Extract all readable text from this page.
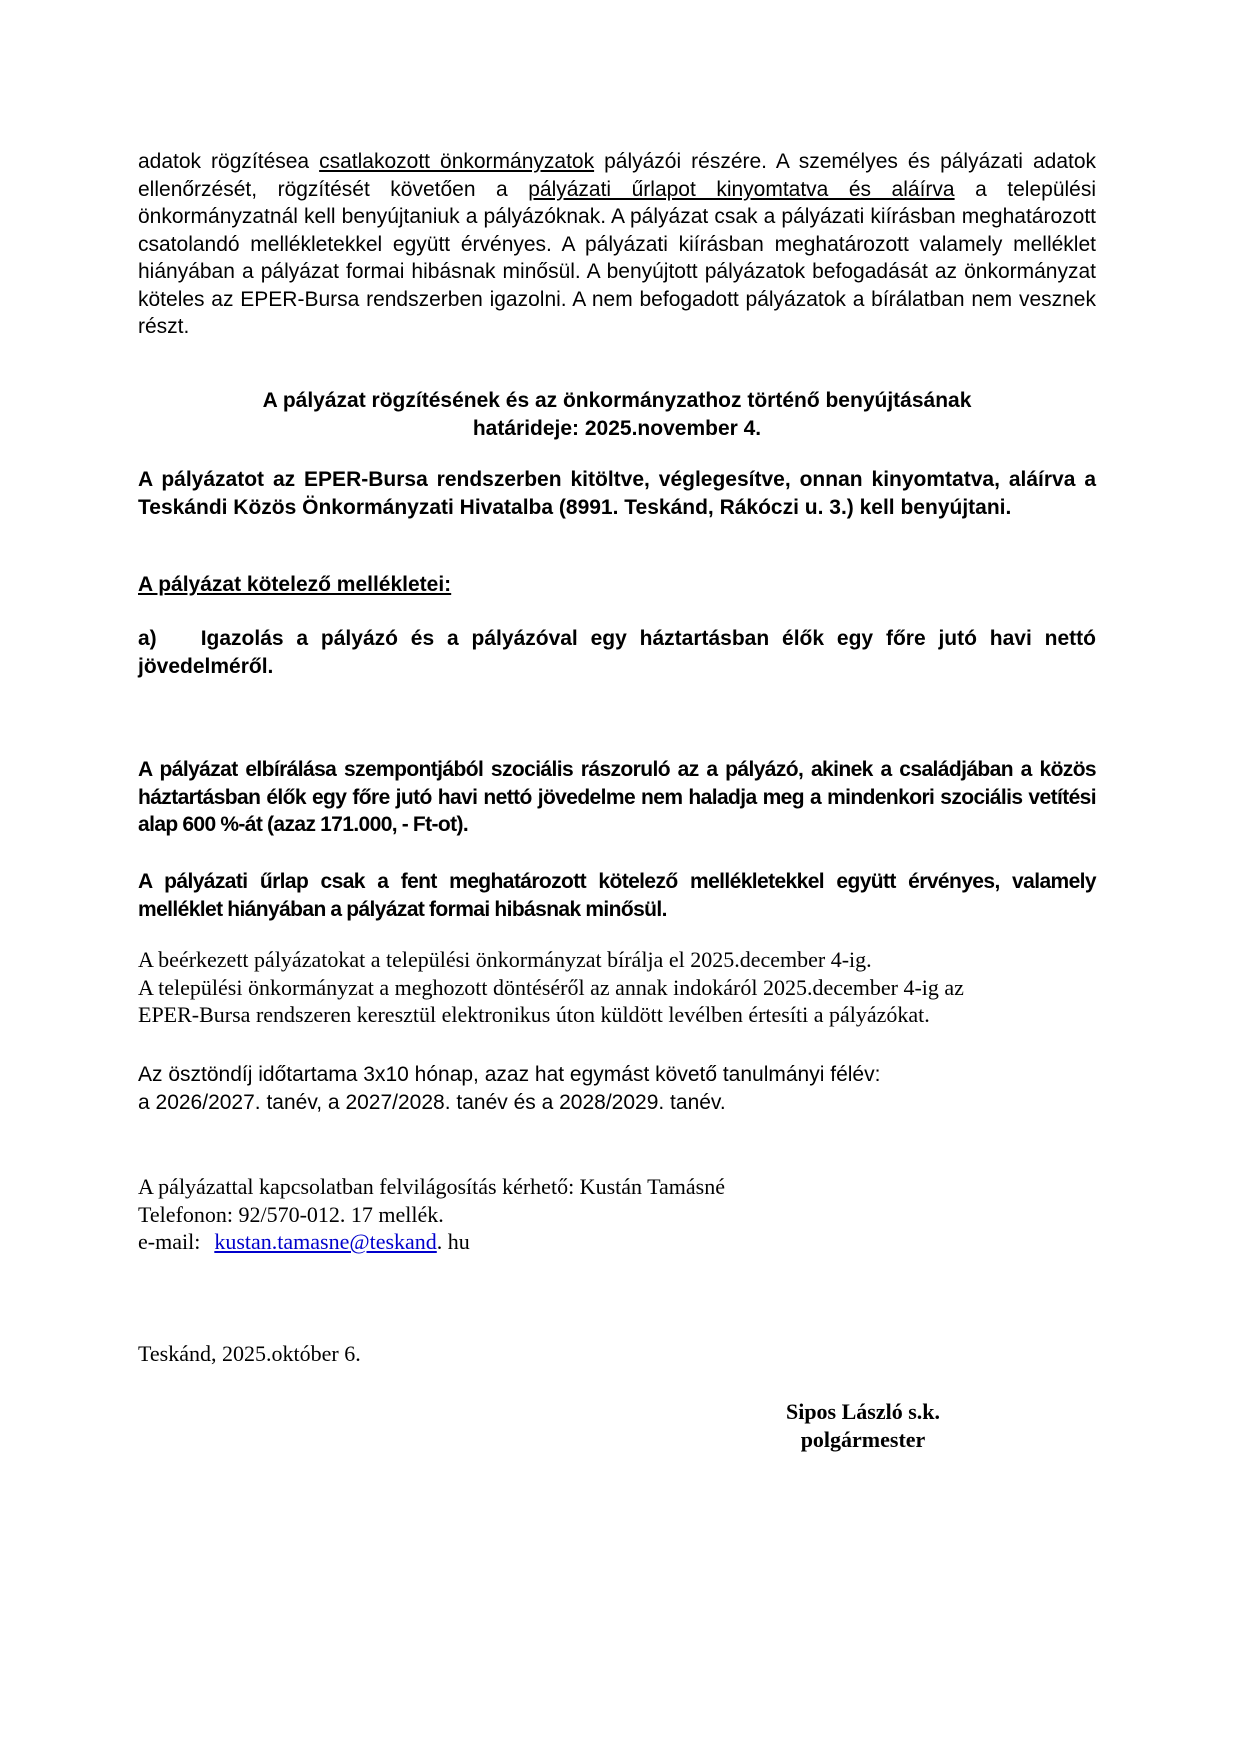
adatok rögzítésea csatlakozott önkormányzatok pályázói részére. A személyes és pályázati adatok ellenőrzését, rögzítését követően a pályázati űrlapot kinyomtatva és aláírva a települési önkormányzatnál kell benyújtaniuk a pályázóknak. A pályázat csak a pályázati kiírásban meghatározott csatolandó mellékletekkel együtt érvényes. A pályázati kiírásban meghatározott valamely melléklet hiányában a pályázat formai hibásnak minősül. A benyújtott pályázatok befogadását az önkormányzat köteles az EPER-Bursa rendszerben igazolni. A nem befogadott pályázatok a bírálatban nem vesznek részt.

A pályázat rögzítésének és az önkormányzathoz történő benyújtásának
határideje: 2025.november 4.

A pályázatot az EPER-Bursa rendszerben kitöltve, véglegesítve, onnan kinyomtatva, aláírva a Teskándi Közös Önkormányzati Hivatalba (8991. Teskánd, Rákóczi u. 3.) kell benyújtani.

A pályázat kötelező mellékletei:

a) Igazolás a pályázó és a pályázóval egy háztartásban élők egy főre jutó havi nettó jövedelméről.

A pályázat elbírálása szempontjából szociális rászoruló az a pályázó, akinek a családjában a közös háztartásban élők egy főre jutó havi nettó jövedelme nem haladja meg a mindenkori szociális vetítési alap 600 %-át (azaz 171.000, - Ft-ot).

A pályázati űrlap csak a fent meghatározott kötelező mellékletekkel együtt érvényes, valamely melléklet hiányában a pályázat formai hibásnak minősül.

A beérkezett pályázatokat a települési önkormányzat bírálja el 2025.december 4-ig.
A települési önkormányzat a meghozott döntéséről az annak indokáról 2025.december 4-ig az
EPER-Bursa rendszeren keresztül elektronikus úton küldött levélben értesíti a pályázókat.
Az ösztöndíj időtartama 3x10 hónap, azaz hat egymást követő tanulmányi félév:
a 2026/2027. tanév, a 2027/2028. tanév és a 2028/2029. tanév.
A pályázattal kapcsolatban felvilágosítás kérhető: Kustán Tamásné
Telefonon: 92/570-012. 17 mellék.
e-mail: kustan.tamasne@teskand. hu
Teskánd, 2025.október 6.
Sipos László s.k.
polgármester
